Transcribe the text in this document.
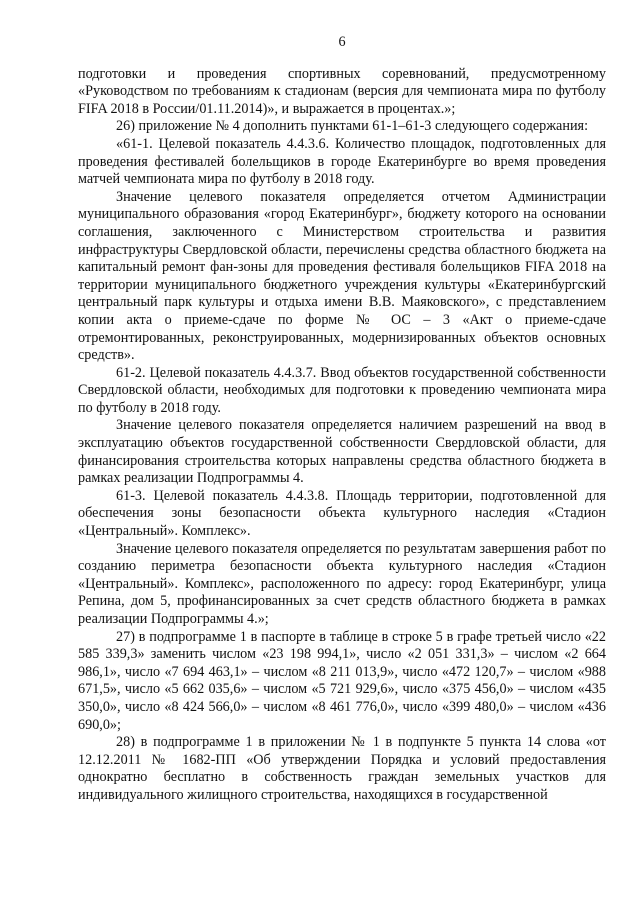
6

подготовки и проведения спортивных соревнований, предусмотренному «Руководством по требованиям к стадионам (версия для чемпионата мира по футболу FIFA 2018 в России/01.11.2014)», и выражается в процентах.»;

26) приложение № 4 дополнить пунктами 61-1–61-3 следующего содержания:

«61-1. Целевой показатель 4.4.3.6. Количество площадок, подготовленных для проведения фестивалей болельщиков в городе Екатеринбурге во время проведения матчей чемпионата мира по футболу в 2018 году.

Значение целевого показателя определяется отчетом Администрации муниципального образования «город Екатеринбург», бюджету которого на основании соглашения, заключенного с Министерством строительства и развития инфраструктуры Свердловской области, перечислены средства областного бюджета на капитальный ремонт фан-зоны для проведения фестиваля болельщиков FIFA 2018 на территории муниципального бюджетного учреждения культуры «Екатеринбургский центральный парк культуры и отдыха имени В.В. Маяковского», с представлением копии акта о приеме-сдаче по форме № ОС – 3 «Акт о приеме-сдаче отремонтированных, реконструированных, модернизированных объектов основных средств».

61-2. Целевой показатель 4.4.3.7. Ввод объектов государственной собственности Свердловской области, необходимых для подготовки к проведению чемпионата мира по футболу в 2018 году.

Значение целевого показателя определяется наличием разрешений на ввод в эксплуатацию объектов государственной собственности Свердловской области, для финансирования строительства которых направлены средства областного бюджета в рамках реализации Подпрограммы 4.

61-3. Целевой показатель 4.4.3.8. Площадь территории, подготовленной для обеспечения зоны безопасности объекта культурного наследия «Стадион «Центральный». Комплекс».

Значение целевого показателя определяется по результатам завершения работ по созданию периметра безопасности объекта культурного наследия «Стадион «Центральный». Комплекс», расположенного по адресу: город Екатеринбург, улица Репина, дом 5, профинансированных за счет средств областного бюджета в рамках реализации Подпрограммы 4.»;

27) в подпрограмме 1 в паспорте в таблице в строке 5 в графе третьей число «22 585 339,3» заменить числом «23 198 994,1», число «2 051 331,3» – числом «2 664 986,1», число «7 694 463,1» – числом «8 211 013,9», число «472 120,7» – числом «988 671,5», число «5 662 035,6» – числом «5 721 929,6», число «375 456,0» – числом «435 350,0», число «8 424 566,0» – числом «8 461 776,0», число «399 480,0» – числом «436 690,0»;

28) в подпрограмме 1 в приложении № 1 в подпункте 5 пункта 14 слова «от 12.12.2011 № 1682-ПП «Об утверждении Порядка и условий предоставления однократно бесплатно в собственность граждан земельных участков для индивидуального жилищного строительства, находящихся в государственной
